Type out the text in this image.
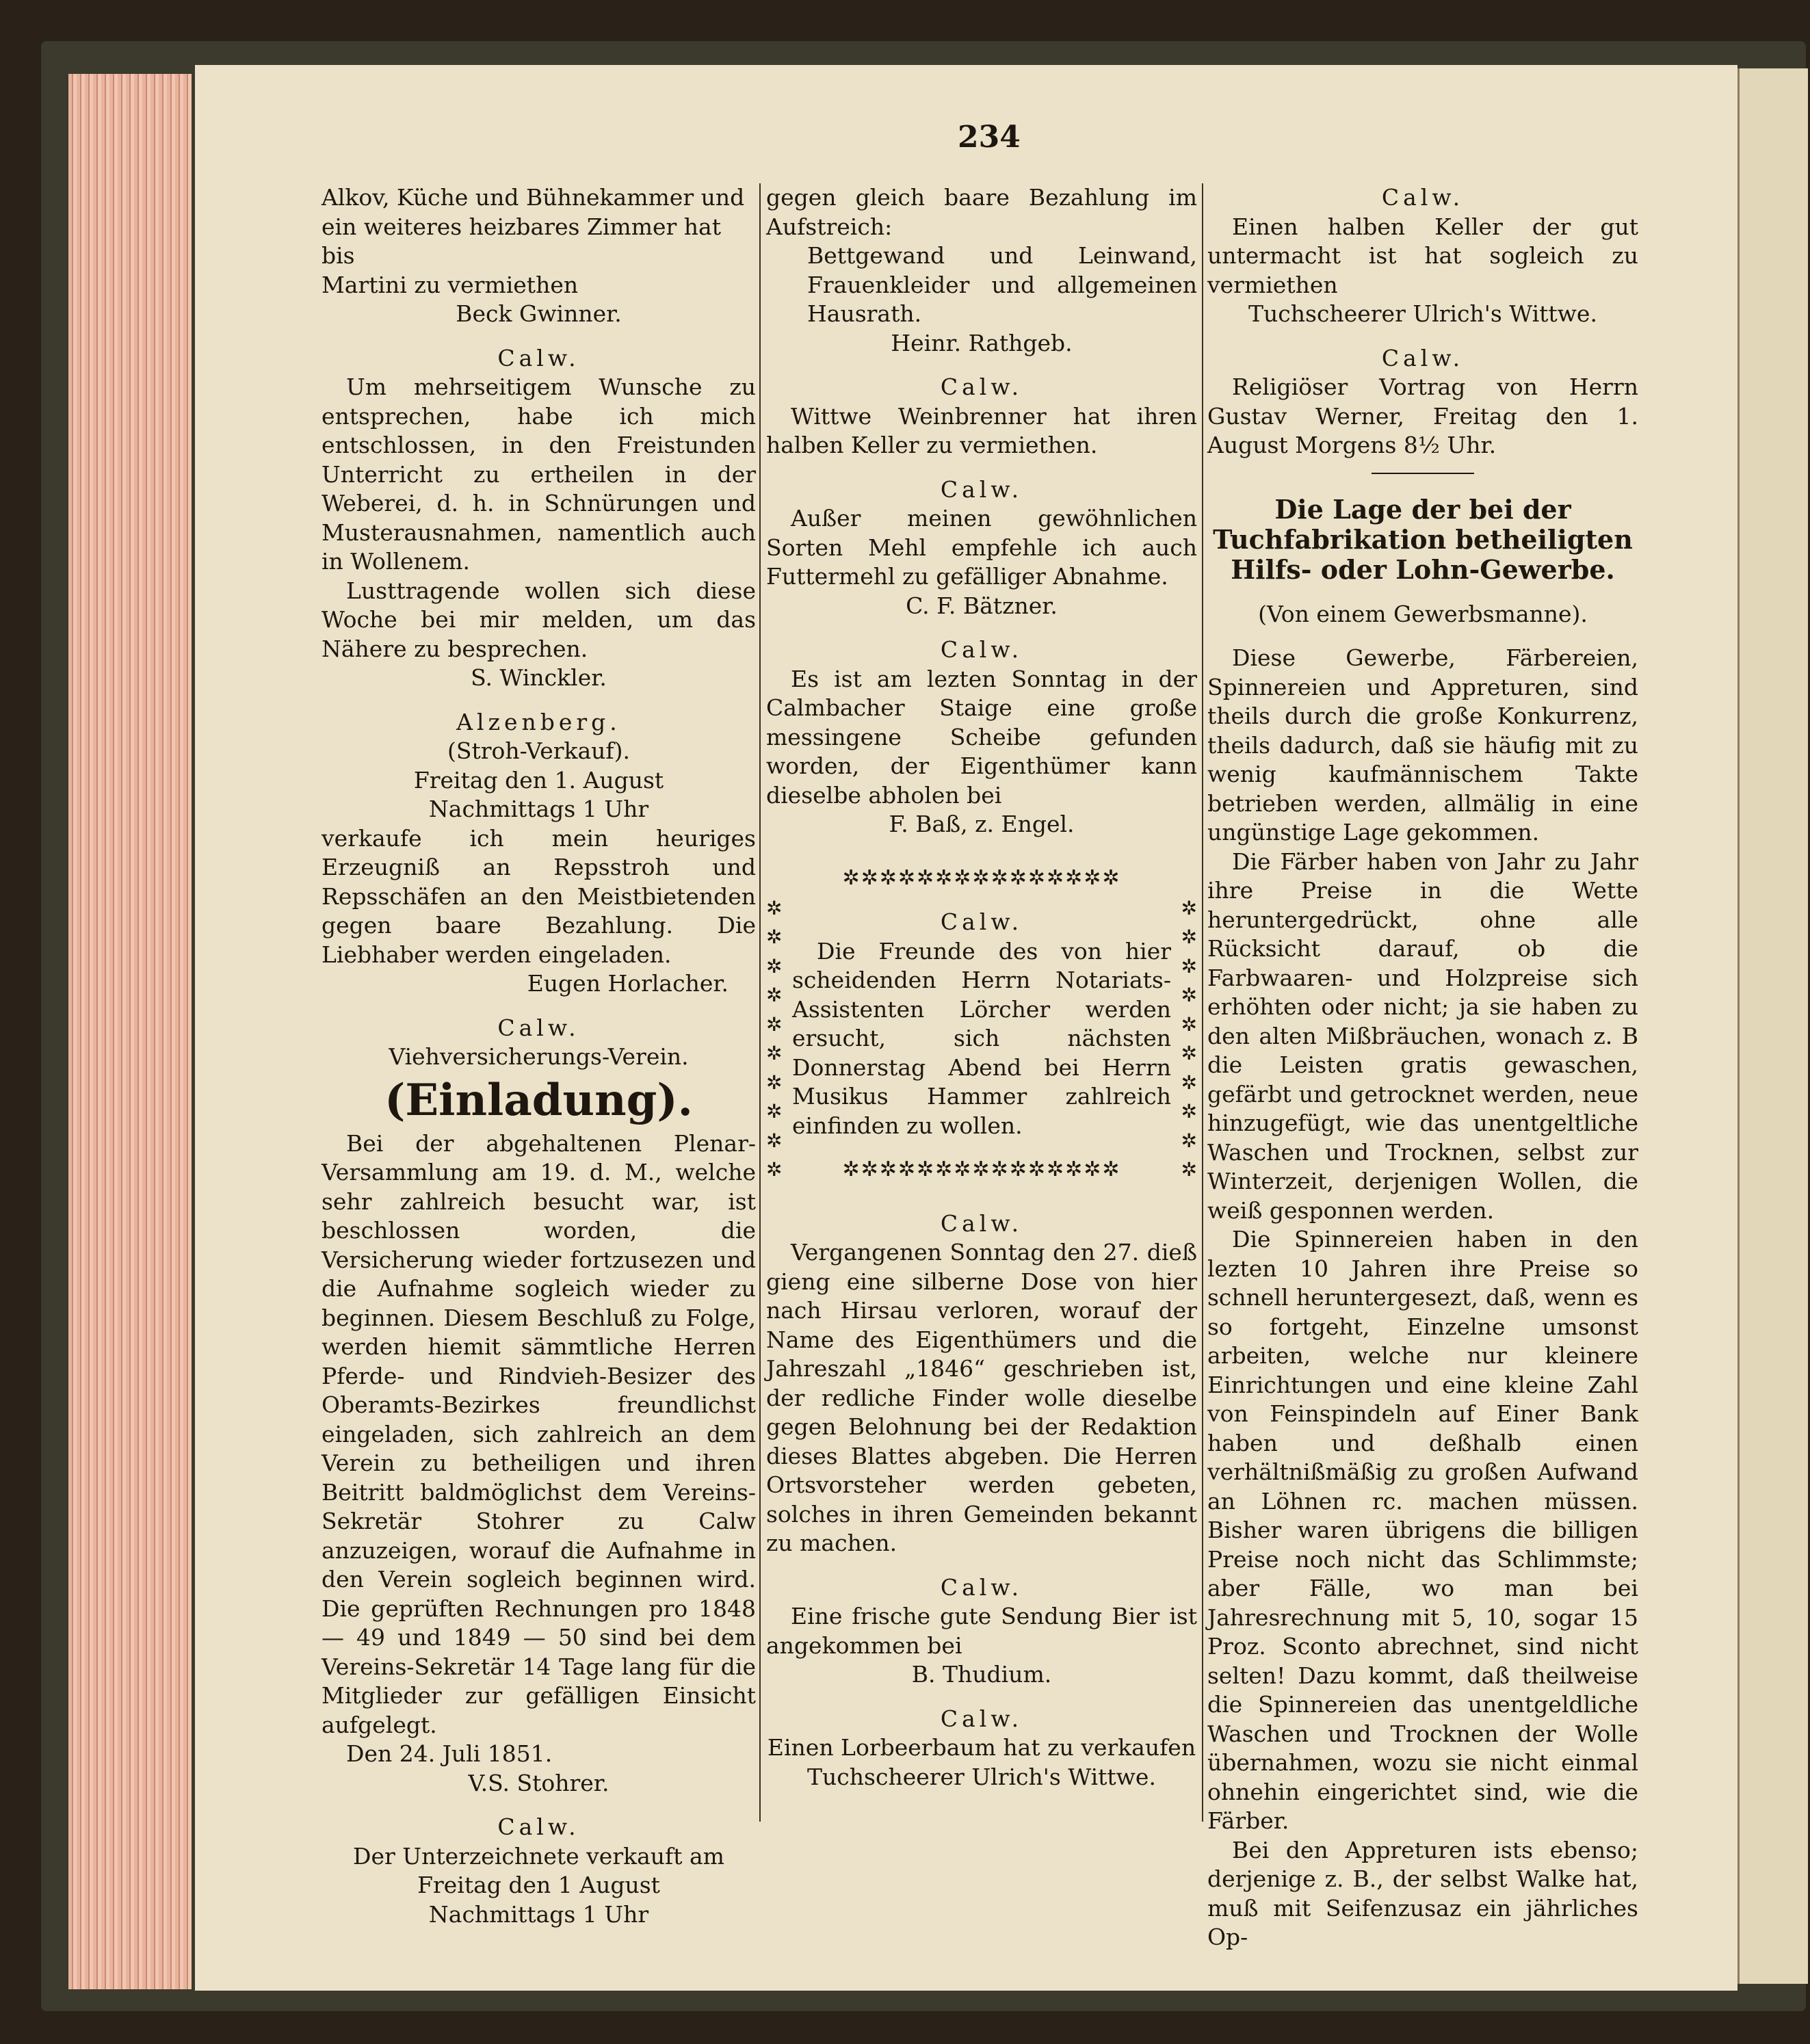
234

Alkov, Küche und Bühnekammer und

ein weiteres heizbares Zimmer hat bis

Martini zu vermiethen

Beck Gwinner.

Calw.

Um mehrseitigem Wunsche zu entsprechen, habe ich mich entschlossen, in den Freistunden Unterricht zu ertheilen in der Weberei, d. h. in Schnürungen und Musterausnahmen, namentlich auch in Wollenem.

Lusttragende wollen sich diese Woche bei mir melden, um das Nähere zu besprechen.

S. Winckler.

Alzenberg.

(Stroh-Verkauf).

Freitag den 1. August

Nachmittags 1 Uhr

verkaufe ich mein heuriges Erzeugniß an Repsstroh und Repsschäfen an den Meistbietenden gegen baare Bezahlung. Die Liebhaber werden eingeladen.

Eugen Horlacher.

Calw.

Viehversicherungs-Verein.

(Einladung).

Bei der abgehaltenen Plenar-Versammlung am 19. d. M., welche sehr zahlreich besucht war, ist beschlossen worden, die Versicherung wieder fortzusezen und die Aufnahme sogleich wieder zu beginnen. Diesem Beschluß zu Folge, werden hiemit sämmtliche Herren Pferde- und Rindvieh-Besizer des Oberamts-Bezirkes freundlichst eingeladen, sich zahlreich an dem Verein zu betheiligen und ihren Beitritt baldmöglichst dem Vereins-Sekretär Stohrer zu Calw anzuzeigen, worauf die Aufnahme in den Verein sogleich beginnen wird. Die geprüften Rechnungen pro 1848 — 49 und 1849 — 50 sind bei dem Vereins-Sekretär 14 Tage lang für die Mitglieder zur gefälligen Einsicht aufgelegt.

Den 24. Juli 1851.

V.S. Stohrer.

Calw.

Der Unterzeichnete verkauft am

Freitag den 1 August

Nachmittags 1 Uhr

gegen gleich baare Bezahlung im Aufstreich:

Bettgewand und Leinwand, Frauenkleider und allgemeinen Hausrath.

Heinr. Rathgeb.

Calw.

Wittwe Weinbrenner hat ihren halben Keller zu vermiethen.

Calw.

Außer meinen gewöhnlichen Sorten Mehl empfehle ich auch Futtermehl zu gefälliger Abnahme.

C. F. Bätzner.

Calw.

Es ist am lezten Sonntag in der Calmbacher Staige eine große messingene Scheibe gefunden worden, der Eigenthümer kann dieselbe abholen bei

F. Baß, z. Engel.

✲✲✲✲✲✲✲✲✲✲✲✲✲✲✲
✲
✲
✲
✲
✲
✲
✲
✲
✲
✲
✲
✲
✲
✲
✲
✲
✲
✲
✲
✲

Calw.

Die Freunde des von hier scheidenden Herrn Notariats-Assistenten Lörcher werden ersucht, sich nächsten Donnerstag Abend bei Herrn Musikus Hammer zahlreich einfinden zu wollen.

✲✲✲✲✲✲✲✲✲✲✲✲✲✲✲

Calw.

Vergangenen Sonntag den 27. dieß gieng eine silberne Dose von hier nach Hirsau verloren, worauf der Name des Eigenthümers und die Jahreszahl „1846“ geschrieben ist, der redliche Finder wolle dieselbe gegen Belohnung bei der Redaktion dieses Blattes abgeben. Die Herren Ortsvorsteher werden gebeten, solches in ihren Gemeinden bekannt zu machen.

Calw.

Eine frische gute Sendung Bier ist angekommen bei

B. Thudium.

Calw.

Einen Lorbeerbaum hat zu verkaufen

Tuchscheerer Ulrich's Wittwe.

Calw.

Einen halben Keller der gut untermacht ist hat sogleich zu vermiethen

Tuchscheerer Ulrich's Wittwe.

Calw.

Religiöser Vortrag von Herrn Gustav Werner, Freitag den 1. August Morgens 8½ Uhr.

Die Lage der bei der Tuchfabrikation betheiligten Hilfs- oder Lohn-Gewerbe.

(Von einem Gewerbsmanne).

Diese Gewerbe, Färbereien, Spinnereien und Appreturen, sind theils durch die große Konkurrenz, theils dadurch, daß sie häufig mit zu wenig kaufmännischem Takte betrieben werden, allmälig in eine ungünstige Lage gekommen.

Die Färber haben von Jahr zu Jahr ihre Preise in die Wette heruntergedrückt, ohne alle Rücksicht darauf, ob die Farbwaaren- und Holzpreise sich erhöhten oder nicht; ja sie haben zu den alten Mißbräuchen, wonach z. B die Leisten gratis gewaschen, gefärbt und getrocknet werden, neue hinzugefügt, wie das unentgeltliche Waschen und Trocknen, selbst zur Winterzeit, derjenigen Wollen, die weiß gesponnen werden.

Die Spinnereien haben in den lezten 10 Jahren ihre Preise so schnell heruntergesezt, daß, wenn es so fortgeht, Einzelne umsonst arbeiten, welche nur kleinere Einrichtungen und eine kleine Zahl von Feinspindeln auf Einer Bank haben und deßhalb einen verhältnißmäßig zu großen Aufwand an Löhnen rc. machen müssen. Bisher waren übrigens die billigen Preise noch nicht das Schlimmste; aber Fälle, wo man bei Jahresrechnung mit 5, 10, sogar 15 Proz. Sconto abrechnet, sind nicht selten! Dazu kommt, daß theilweise die Spinnereien das unentgeldliche Waschen und Trocknen der Wolle übernahmen, wozu sie nicht einmal ohnehin eingerichtet sind, wie die Färber.

Bei den Appreturen ists ebenso; derjenige z. B., der selbst Walke hat, muß mit Seifenzusaz ein jährliches Op-
